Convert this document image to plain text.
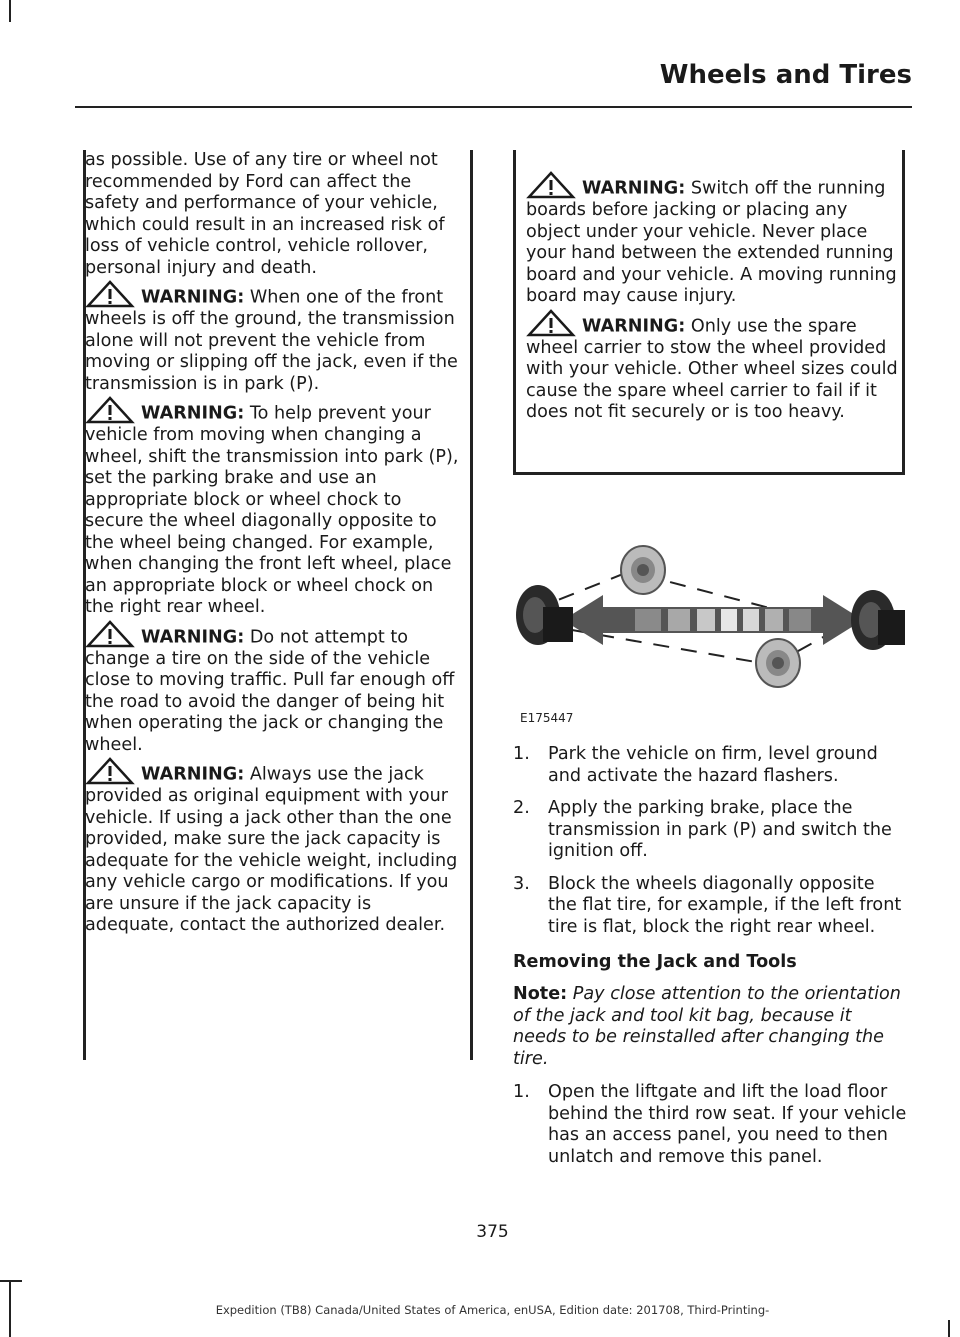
Wheels and Tires

as possible. Use of any tire or wheel not recommended by Ford can affect the safety and performance of your vehicle, which could result in an increased risk of loss of vehicle control, vehicle rollover, personal injury and death.

WARNING: When one of the front wheels is off the ground, the transmission alone will not prevent the vehicle from moving or slipping off the jack, even if the transmission is in park (P).

WARNING: To help prevent your vehicle from moving when changing a wheel, shift the transmission into park (P), set the parking brake and use an appropriate block or wheel chock to secure the wheel diagonally opposite to the wheel being changed. For example, when changing the front left wheel, place an appropriate block or wheel chock on the right rear wheel.

WARNING: Do not attempt to change a tire on the side of the vehicle close to moving traffic. Pull far enough off the road to avoid the danger of being hit when operating the jack or changing the wheel.

WARNING: Always use the jack provided as original equipment with your vehicle. If using a jack other than the one provided, make sure the jack capacity is adequate for the vehicle weight, including any vehicle cargo or modifications. If you are unsure if the jack capacity is adequate, contact the authorized dealer.

WARNING: Switch off the running boards before jacking or placing any object under your vehicle. Never place your hand between the extended running board and your vehicle. A moving running board may cause injury.

WARNING: Only use the spare wheel carrier to stow the wheel provided with your vehicle. Other wheel sizes could cause the spare wheel carrier to fail if it does not fit securely or is too heavy.

E175447
1. Park the vehicle on firm, level ground and activate the hazard flashers.
2. Apply the parking brake, place the transmission in park (P) and switch the ignition off.
3. Block the wheels diagonally opposite the flat tire, for example, if the left front tire is flat, block the right rear wheel.
Removing the Jack and Tools

Note: Pay close attention to the orientation of the jack and tool kit bag, because it needs to be reinstalled after changing the tire.

1. Open the liftgate and lift the load floor behind the third row seat. If your vehicle has an access panel, you need to then unlatch and remove this panel.
375
Expedition (TB8) Canada/United States of America, enUSA, Edition date: 201708, Third-Printing-
